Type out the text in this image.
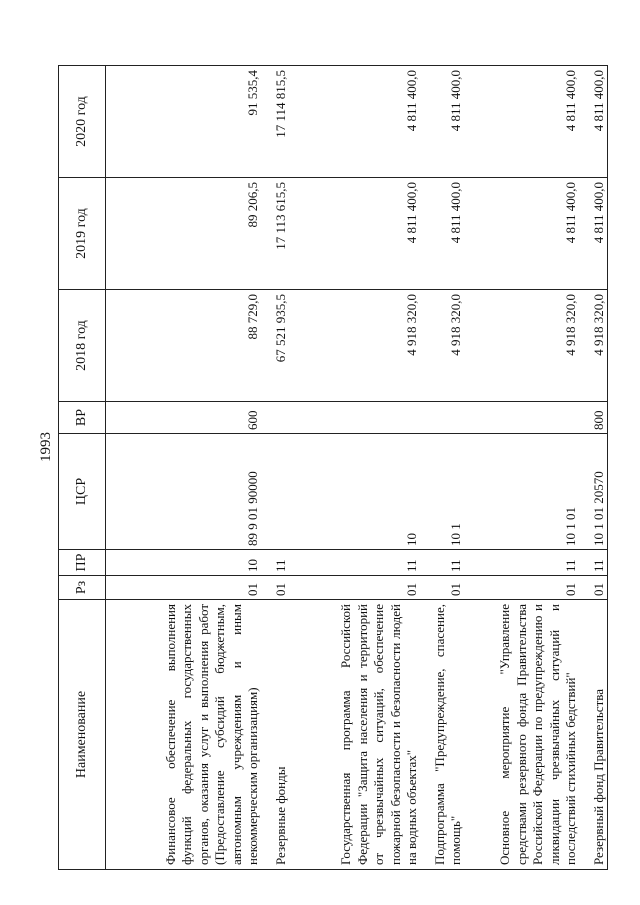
1993
Наименование	Рз	ПР	ЦСР	ВР	2018 год	2019 год	2020 год
Финансовое обеспечение выполнения функций федеральных государственных органов, оказания услуг и выполнения работ (Предоставление субсидий бюджетным, автономным учреждениям и иным некоммерческим организациям)	01	10	89 9 01 90000	600	88 729,0	89 206,5	91 535,4
Резервные фонды	01	11			67 521 935,5	17 113 615,5	17 114 815,5
Государственная программа Российской Федерации "Защита населения и территорий от чрезвычайных ситуаций, обеспечение пожарной безопасности и безопасности людей на водных объектах"	01	11	10		4 918 320,0	4 811 400,0	4 811 400,0
Подпрограмма "Предупреждение, спасение, помощь"	01	11	10 1		4 918 320,0	4 811 400,0	4 811 400,0
Основное мероприятие "Управление средствами резервного фонда Правительства Российской Федерации по предупреждению и ликвидации чрезвычайных ситуаций и последствий стихийных бедствий"	01	11	10 1 01		4 918 320,0	4 811 400,0	4 811 400,0
Резервный фонд Правительства	01	11	10 1 01 20570	800	4 918 320,0	4 811 400,0	4 811 400,0
